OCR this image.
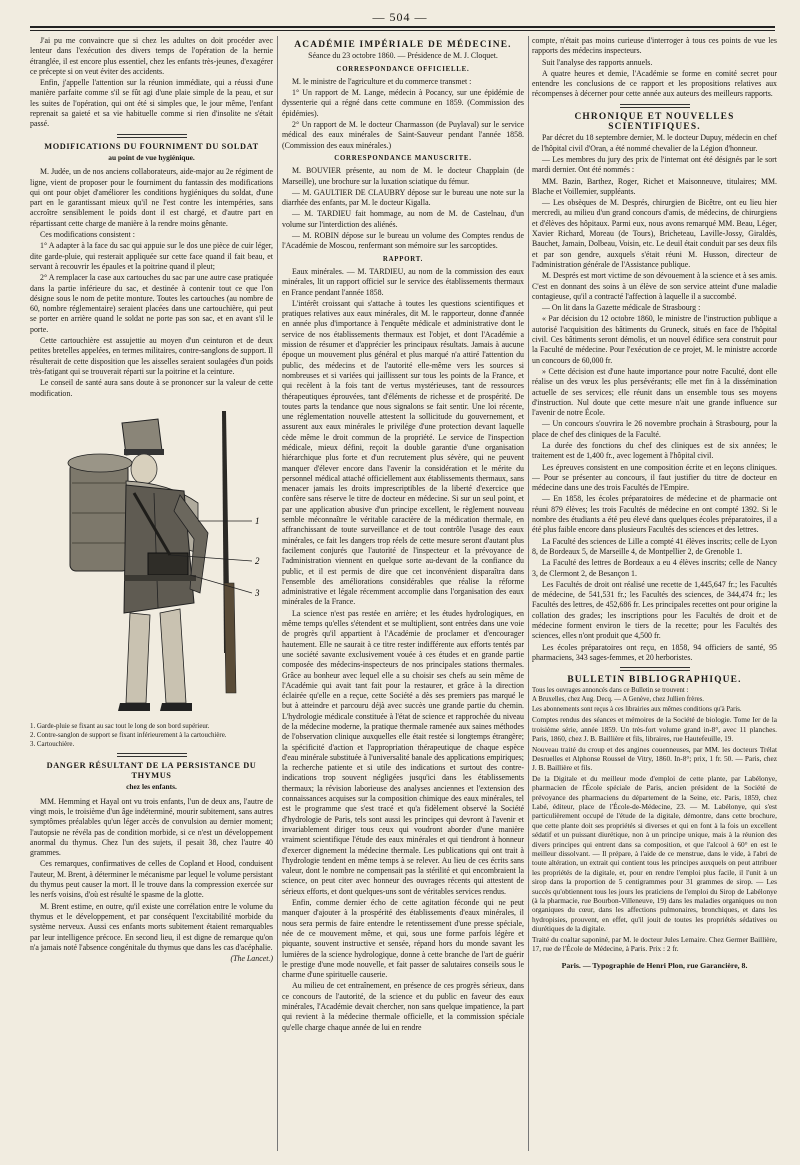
— 504 —

J'ai pu me convaincre que si chez les adultes on doit procéder avec lenteur dans l'exécution des divers temps de l'opération de la hernie étranglée, il est encore plus essentiel, chez les enfants très-jeunes, d'exagérer ce précepte si on veut éviter des accidents.

Enfin, j'appelle l'attention sur la réunion immédiate, qui a réussi d'une manière parfaite comme s'il se fût agi d'une plaie simple de la peau, et sur les suites de l'opération, qui ont été si simples que, le jour même, l'enfant reprenait sa gaieté et sa vie habituelle comme si rien d'insolite ne s'était passé.

MODIFICATIONS DU FOURNIMENT DU SOLDAT
au point de vue hygiénique.

M. Judée, un de nos anciens collaborateurs, aide-major au 2e régiment de ligne, vient de proposer pour le fourniment du fantassin des modifications qui ont pour objet d'améliorer les conditions hygiéniques du soldat, d'une part en le garantissant mieux qu'il ne l'est contre les intempéries, sans accroître sensiblement le poids dont il est chargé, et d'autre part en répartissant cette charge de manière à la rendre moins gênante.

Ces modifications consistent :

1° A adapter à la face du sac qui appuie sur le dos une pièce de cuir léger, dite garde-pluie, qui resterait appliquée sur cette face quand il fait beau, et servant à recouvrir les épaules et la poitrine quand il pleut;

2° A remplacer la case aux cartouches du sac par une autre case pratiquée dans la partie inférieure du sac, et destinée à contenir tout ce que l'on désigne sous le nom de petite monture. Toutes les cartouches (au nombre de 60, nombre réglementaire) seraient placées dans une cartouchière, qui peut se porter en arrière quand le soldat ne porte pas son sac, et en avant s'il le porte.

Cette cartouchière est assujettie au moyen d'un ceinturon et de deux petites bretelles appelées, en termes militaires, contre-sanglons de support. Il résulterait de cette disposition que les aisselles seraient soulagées d'un poids très-fatigant qui se trouverait réparti sur la poitrine et la ceinture.

Le conseil de santé aura sans doute à se prononcer sur la valeur de cette modification.

1
2
3
1. Garde-pluie se fixant au sac tout le long de son bord supérieur.
2. Contre-sanglon de support se fixant inférieurement à la cartouchière.
3. Cartouchière.
DANGER RÉSULTANT DE LA PERSISTANCE DU THYMUS
chez les enfants.

MM. Hemming et Hayal ont vu trois enfants, l'un de deux ans, l'autre de vingt mois, le troisième d'un âge indéterminé, mourir subitement, sans autres symptômes préalables qu'un léger accès de convulsion au dernier moment; l'autopsie ne révéla pas de condition morbide, si ce n'est un développement anormal du thymus. Chez l'un des sujets, il pesait 38, chez l'autre 40 grammes.

Ces remarques, confirmatives de celles de Copland et Hood, conduisent l'auteur, M. Brent, à déterminer le mécanisme par lequel le volume persistant du thymus peut causer la mort. Il le trouve dans la compression exercée sur les nerfs voisins, d'où est résulté le spasme de la glotte.

M. Brent estime, en outre, qu'il existe une corrélation entre le volume du thymus et le développement, et par conséquent l'excitabilité morbide du système nerveux. Aussi ces enfants morts subitement étaient remarquables par leur intelligence précoce. En second lieu, il est digne de remarque qu'on n'a jamais noté l'absence congénitale du thymus que dans les cas d'acéphalie.

(The Lancet.)
ACADÉMIE IMPÉRIALE DE MÉDECINE.

Séance du 23 octobre 1860. — Présidence de M. J. Cloquet.

CORRESPONDANCE OFFICIELLE.

M. le ministre de l'agriculture et du commerce transmet :

1° Un rapport de M. Lange, médecin à Pocancy, sur une épidémie de dyssenterie qui a régné dans cette commune en 1859. (Commission des épidémies).

2° Un rapport de M. le docteur Charmasson (de Puylaval) sur le service médical des eaux minérales de Saint-Sauveur pendant l'année 1858. (Commission des eaux minérales.)

CORRESPONDANCE MANUSCRITE.

M. BOUVIER présente, au nom de M. le docteur Chapplain (de Marseille), une brochure sur la luxation sciatique du fémur.

— M. GAULTIER DE CLAUBRY dépose sur le bureau une note sur la diarrhée des enfants, par M. le docteur Kigalla.

— M. TARDIEU fait hommage, au nom de M. de Castelnau, d'un volume sur l'interdiction des aliénés.

— M. ROBIN dépose sur le bureau un volume des Comptes rendus de l'Académie de Moscou, renfermant son mémoire sur les sarcoptides.

RAPPORT.

Eaux minérales. — M. TARDIEU, au nom de la commission des eaux minérales, lit un rapport officiel sur le service des établissements thermaux en France pendant l'année 1858.

L'intérêt croissant qui s'attache à toutes les questions scientifiques et pratiques relatives aux eaux minérales, dit M. le rapporteur, donne d'année en année plus d'importance à l'enquête médicale et administrative dont le service de nos établissements thermaux est l'objet, et dont l'Académie a mission de résumer et d'apprécier les principaux résultats. Jamais à aucune époque un mouvement plus général et plus marqué n'a attiré l'attention du public, des médecins et de l'autorité elle-même vers les sources si nombreuses et si variées qui jaillissent sur tous les points de la France, et qui recèlent à la fois tant de vertus mystérieuses, tant de ressources thérapeutiques éprouvées, tant d'éléments de richesse et de prospérité. De toutes parts la tendance que nous signalons se fait sentir. Une loi récente, une réglementation nouvelle attestent la sollicitude du gouvernement, et assurent aux eaux minérales le privilége d'une protection devant laquelle cède même le droit commun de la propriété. Le service de l'inspection médicale, mieux défini, reçoit la double garantie d'une organisation hiérarchique plus forte et d'un recrutement plus sévère, qui ne peuvent manquer d'élever encore dans l'avenir la considération et le mérite du personnel médical attaché officiellement aux établissements thermaux, sans menacer jamais les droits imprescriptibles de la liberté d'exercice que confère sans réserve le titre de docteur en médecine. Si sur un seul point, et par une application abusive d'un principe excellent, le règlement nouveau semble méconnaître le véritable caractère de la médication thermale, en affranchissant de toute surveillance et de tout contrôle l'usage des eaux minérales, ce fait les dangers trop réels de cette mesure seront d'autant plus facilement conjurés que l'autorité de l'inspecteur et la prévoyance de l'administration viennent en quelque sorte au-devant de la confiance du public, et il est permis de dire que cet inconvénient disparaîtra dans l'ensemble des améliorations considérables que réalise la réforme administrative et légale récemment accomplie dans l'organisation des eaux minérales de la France.

La science n'est pas restée en arrière; et les études hydrologiques, en même temps qu'elles s'étendent et se multiplient, sont entrées dans une voie de progrès qu'il appartient à l'Académie de proclamer et d'encourager hautement. Elle ne saurait à ce titre rester indifférente aux efforts tentés par une société savante exclusivement vouée à ces études et en grande partie composée des médecins-inspecteurs de nos principales stations thermales. Grâce au bonheur avec lequel elle a su choisir ses chefs au sein même de l'Académie qui avait tant fait pour la restaurer, et grâce à la direction éclairée qu'elle en a reçue, cette Société a dès ses premiers pas marqué le but à atteindre et parcouru déjà avec succès une grande partie du chemin. L'hydrologie médicale constituée à l'état de science et rapprochée du niveau de la médecine moderne, la pratique thermale ramenée aux saines méthodes de l'observation clinique auxquelles elle était restée si longtemps étrangère; la spécificité d'action et l'appropriation thérapeutique de chaque espèce d'eau minérale substituée à l'universalité banale des applications empiriques; la recherche patiente et si utile des indications et surtout des contre-indications trop souvent négligées jusqu'ici dans les établissements thermaux; la révision laborieuse des analyses anciennes et l'extension des connaissances acquises sur la composition chimique des eaux minérales, tel est le programme que s'est tracé et qu'a fidèlement observé la Société d'hydrologie de Paris, tels sont aussi les principes qui devront à l'avenir et invariablement diriger tous ceux qui voudront aborder d'une manière vraiment scientifique l'étude des eaux minérales et qui tiendront à honneur d'exercer dignement la médecine thermale. Les publications qui ont trait à l'hydrologie tendent en même temps à se relever. Au lieu de ces écrits sans valeur, dont le nombre ne compensait pas la stérilité et qui encombraient la science, on peut citer avec honneur des ouvrages récents qui attestent de sérieux efforts, et dont quelques-uns sont de véritables services rendus.

Enfin, comme dernier écho de cette agitation féconde qui ne peut manquer d'ajouter à la prospérité des établissements d'eaux minérales, il nous sera permis de faire entendre le retentissement d'une presse spéciale, née de ce mouvement même, et qui, sous une forme parfois légère et piquante, souvent instructive et sensée, répand hors du monde savant les lumières de la science hydrologique, donne à cette branche de l'art de guérir le prestige d'une mode nouvelle, et fait passer de salutaires conseils sous le charme d'une spirituelle causerie.

Au milieu de cet entraînement, en présence de ces progrès sérieux, dans ce concours de l'autorité, de la science et du public en faveur des eaux minérales, l'Académie devait chercher, non sans quelque impatience, la part qui revient à la médecine thermale officielle, et la commission spéciale qu'elle charge chaque année de lui en rendre

compte, n'était pas moins curieuse d'interroger à tous ces points de vue les rapports des médecins inspecteurs.

Suit l'analyse des rapports annuels.

A quatre heures et demie, l'Académie se forme en comité secret pour entendre les conclusions de ce rapport et les propositions relatives aux récompenses à décerner pour cette année aux auteurs des meilleurs rapports.

CHRONIQUE ET NOUVELLES SCIENTIFIQUES.

Par décret du 18 septembre dernier, M. le docteur Dupuy, médecin en chef de l'hôpital civil d'Oran, a été nommé chevalier de la Légion d'honneur.

— Les membres du jury des prix de l'internat ont été désignés par le sort mardi dernier. Ont été nommés :

MM. Bazin, Barthez, Roger, Richet et Maisonneuve, titulaires; MM. Blache et Voillemier, suppléants.

— Les obsèques de M. Després, chirurgien de Bicêtre, ont eu lieu hier mercredi, au milieu d'un grand concours d'amis, de médecins, de chirurgiens et d'élèves des hôpitaux. Parmi eux, nous avons remarqué MM. Beau, Léger, Xavier Richard, Moreau (de Tours), Bricheteau, Laville-Jossy, Giraldès, Bauchet, Jamain, Dolbeau, Voisin, etc. Le deuil était conduit par ses deux fils et par son gendre, auxquels s'était réuni M. Husson, directeur de l'administration générale de l'Assistance publique.

M. Després est mort victime de son dévouement à la science et à ses amis. C'est en donnant des soins à un élève de son service atteint d'une maladie contagieuse, qu'il a contracté l'affection à laquelle il a succombé.

— On lit dans la Gazette médicale de Strasbourg :

« Par décision du 12 octobre 1860, le ministre de l'instruction publique a autorisé l'acquisition des bâtiments du Gruneck, situés en face de l'hôpital civil. Ces bâtiments seront démolis, et un nouvel édifice sera construit pour la Faculté de médecine. Pour l'exécution de ce projet, M. le ministre accorde un concours de 60,000 fr.

» Cette décision est d'une haute importance pour notre Faculté, dont elle réalise un des vœux les plus persévérants; elle met fin à la dissémination actuelle de ses services; elle réunit dans un ensemble tous ses moyens d'instruction. Nul doute que cette mesure n'ait une grande influence sur l'avenir de notre École.

— Un concours s'ouvrira le 26 novembre prochain à Strasbourg, pour la place de chef des cliniques de la Faculté.

La durée des fonctions du chef des cliniques est de six années; le traitement est de 1,400 fr., avec logement à l'hôpital civil.

Les épreuves consistent en une composition écrite et en leçons cliniques. — Pour se présenter au concours, il faut justifier du titre de docteur en médecine dans une des trois Facultés de l'Empire.

— En 1858, les écoles préparatoires de médecine et de pharmacie ont réuni 879 élèves; les trois Facultés de médecine en ont compté 1392. Si le nombre des étudiants a été peu élevé dans quelques écoles préparatoires, il a été plus faible encore dans plusieurs Facultés des sciences et des lettres.

La Faculté des sciences de Lille a compté 41 élèves inscrits; celle de Lyon 8, de Bordeaux 5, de Marseille 4, de Montpellier 2, de Grenoble 1.

La Faculté des lettres de Bordeaux a eu 4 élèves inscrits; celle de Nancy 3, de Clermont 2, de Besançon 1.

Les Facultés de droit ont réalisé une recette de 1,445,647 fr.; les Facultés de médecine, de 541,531 fr.; les Facultés des sciences, de 344,474 fr.; les Facultés des lettres, de 452,686 fr. Les principales recettes ont pour origine la collation des grades; les inscriptions pour les Facultés de droit et de médecine forment environ le tiers de la recette; pour les Facultés des sciences, elles n'ont produit que 4,500 fr.

Les écoles préparatoires ont reçu, en 1858, 94 officiers de santé, 95 pharmaciens, 343 sages-femmes, et 20 herboristes.

BULLETIN BIBLIOGRAPHIQUE.

Tous les ouvrages annoncés dans ce Bulletin se trouvent :

A Bruxelles, chez Aug. Decq. — A Genève, chez Jullien frères.

Les abonnements sont reçus à ces librairies aux mêmes conditions qu'à Paris.

Comptes rendus des séances et mémoires de la Société de biologie. Tome Ier de la troisième série, année 1859. Un très-fort volume grand in-8°, avec 11 planches. Paris, 1860, chez J. B. Baillière et fils, libraires, rue Hautefeuille, 19.

Nouveau traité du croup et des angines couenneuses, par MM. les docteurs Trélat Desruelles et Alphonse Roussel de Vitry, 1860. In-8°; prix, 1 fr. 50. — Paris, chez J. B. Baillière et fils.

De la Digitale et du meilleur mode d'emploi de cette plante, par Labélonye, pharmacien de l'École spéciale de Paris, ancien président de la Société de prévoyance des pharmaciens du département de la Seine, etc. Paris, 1859, chez Labé, éditeur, place de l'École-de-Médecine, 23. — M. Labélonye, qui s'est particulièrement occupé de l'étude de la digitale, démontre, dans cette brochure, que cette plante doit ses propriétés si diverses et qui en font à la fois un excellent sédatif et un puissant diurétique, non à un principe unique, mais à la réunion des divers principes qui entrent dans sa composition, et que l'alcool à 60° en est le meilleur dissolvant. — Il prépare, à l'aide de ce menstrue, dans le vide, à l'abri de toute altération, un extrait qui contient tous les principes auxquels on peut attribuer les propriétés de la digitale, et, pour en rendre l'emploi plus facile, il l'unit à un sirop dans la proportion de 5 centigrammes pour 31 grammes de sirop. — Les succès qu'obtiennent tous les jours les praticiens de l'emploi du Sirop de Labélonye (à la pharmacie, rue Bourbon-Villeneuve, 19) dans les maladies organiques ou non organiques du cœur, dans les affections pulmonaires, bronchiques, et dans les hydropisies, prouvent, en effet, qu'il jouit de toutes les propriétés sédatives ou diurétiques de la digitale.

Traité du coaltar saponiné, par M. le docteur Jules Lemaire. Chez Germer Baillière, 17, rue de l'École de Médecine, à Paris. Prix : 2 fr.

Paris. — Typographie de Henri Plon, rue Garancière, 8.
